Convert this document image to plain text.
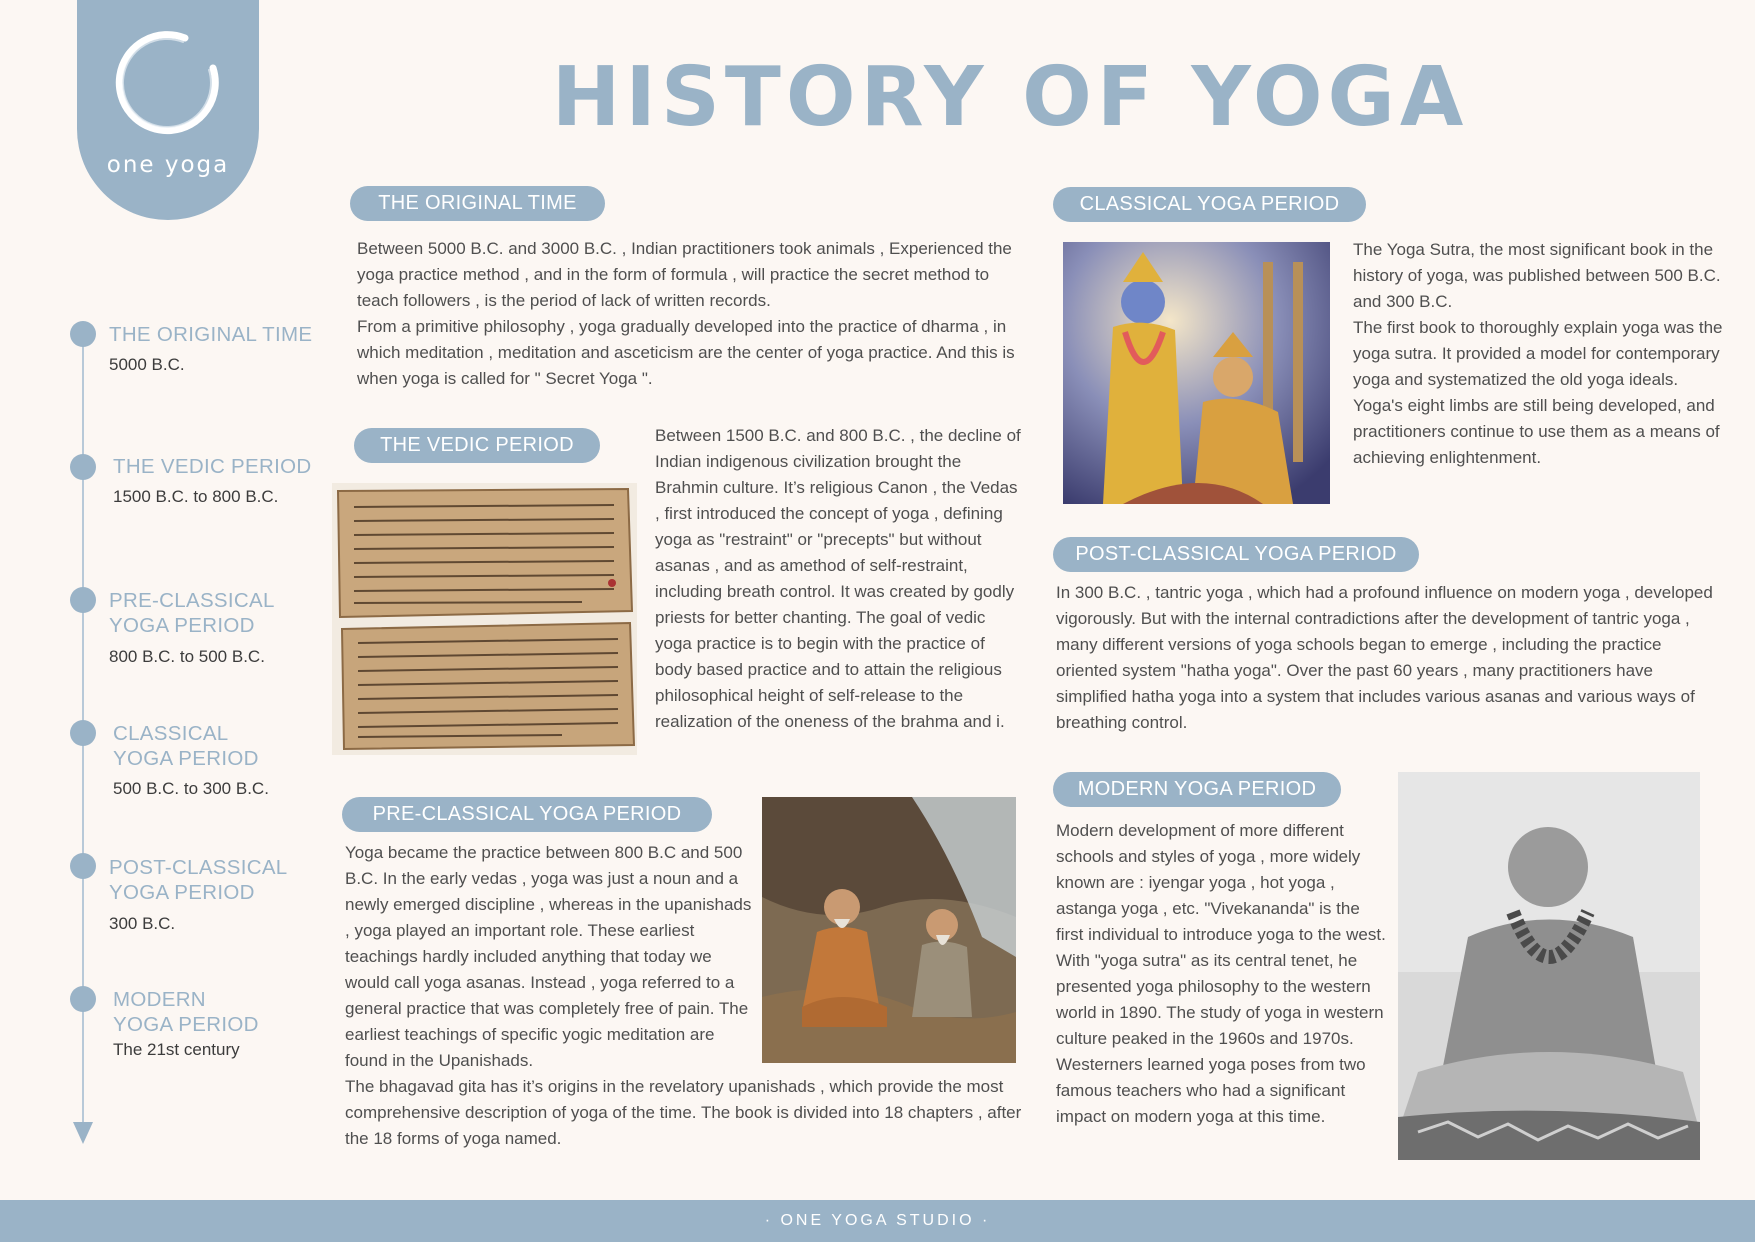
one yoga
HISTORY OF YOGA
THE ORIGINAL TIME
5000 B.C.
THE VEDIC PERIOD
1500 B.C. to 800 B.C.
PRE-CLASSICAL
YOGA PERIOD
800 B.C. to 500 B.C.
CLASSICAL
YOGA PERIOD
500 B.C. to 300 B.C.
POST-CLASSICAL
YOGA PERIOD
300 B.C.
MODERN
YOGA PERIOD
The 21st century
THE ORIGINAL TIME

Between 5000 B.C. and 3000 B.C. , Indian practitioners took animals , Experienced the yoga practice method , and in the form of formula , will practice the secret method to teach followers , is the period of lack of written records.

From a primitive philosophy , yoga gradually developed into the practice of dharma , in which meditation , meditation and asceticism are the center of yoga practice. And this is when yoga is called for " Secret Yoga ".

THE VEDIC PERIOD	Between 1500 B.C. and 800 B.C. , the decline of Indian indigenous civilization brought the Brahmin culture. It’s religious Canon , the Vedas , first introduced the concept of yoga , defining yoga as "restraint" or "precepts" but without asanas , and as amethod of self-restraint, including breath control. It was created by godly priests for better chanting. The goal of vedic yoga practice is to begin with the practice of body based practice and to attain the religious philosophical height of self-release to the realization of the oneness of the brahma and i.
PRE-CLASSICAL YOGA PERIOD

Yoga became the practice between 800 B.C and 500 B.C. In the early vedas , yoga was just a noun and a newly emerged discipline , whereas in the upanishads , yoga played an important role. These earliest teachings hardly included anything that today we would call yoga asanas. Instead , yoga referred to a general practice that was completely free of pain. The earliest teachings of specific yogic meditation are found in the Upanishads.

The bhagavad gita has it’s origins in the revelatory upanishads , which provide the most comprehensive description of yoga of the time. The book is divided into 18 chapters , after the 18 forms of yoga named.

CLASSICAL YOGA PERIOD

The Yoga Sutra, the most significant book in the history of yoga, was published between 500 B.C. and 300 B.C.

The first book to thoroughly explain yoga was the yoga sutra. It provided a model for contemporary yoga and systematized the old yoga ideals. Yoga's eight limbs are still being developed, and practitioners continue to use them as a means of achieving enlightenment.

POST-CLASSICAL YOGA PERIOD
In 300 B.C. , tantric yoga , which had a profound influence on modern yoga , developed vigorously. But with the internal contradictions after the development of tantric yoga , many different versions of yoga schools began to emerge , including the practice oriented system "hatha yoga". Over the past 60 years , many practitioners have simplified hatha yoga into a system that includes various asanas and various ways of breathing control.
MODERN YOGA PERIOD
Modern development of more different schools and styles of yoga , more widely known are : iyengar yoga , hot yoga , astanga yoga , etc. "Vivekananda" is the first individual to introduce yoga to the west. With "yoga sutra" as its central tenet, he presented yoga philosophy to the western world in 1890. The study of yoga in western culture peaked in the 1960s and 1970s. Westerners learned yoga poses from two famous teachers who had a significant impact on modern yoga at this time.
· ONE YOGA STUDIO ·
